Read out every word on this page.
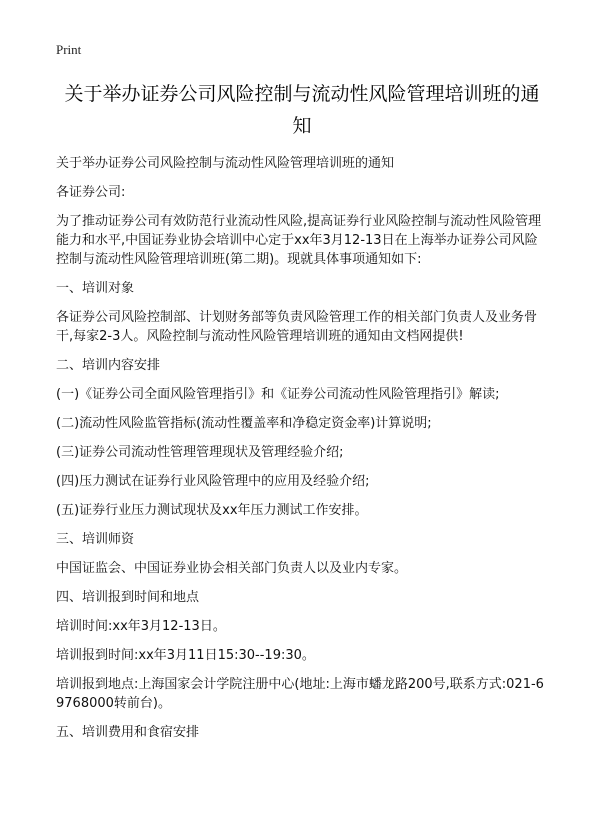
Print
关于举办证券公司风险控制与流动性风险管理培训班的通知

关于举办证券公司风险控制与流动性风险管理培训班的通知

各证券公司:

为了推动证券公司有效防范行业流动性风险,提高证券行业风险控制与流动性风险管理能力和水平,中国证券业协会培训中心定于xx年3月12-13日在上海举办证券公司风险控制与流动性风险管理培训班(第二期)。现就具体事项通知如下:

一、培训对象

各证券公司风险控制部、计划财务部等负责风险管理工作的相关部门负责人及业务骨干,每家2-3人。风险控制与流动性风险管理培训班的通知由文档网提供!

二、培训内容安排

(一)《证券公司全面风险管理指引》和《证券公司流动性风险管理指引》解读;

(二)流动性风险监管指标(流动性覆盖率和净稳定资金率)计算说明;

(三)证券公司流动性管理管理现状及管理经验介绍;

(四)压力测试在证券行业风险管理中的应用及经验介绍;

(五)证券行业压力测试现状及xx年压力测试工作安排。

三、培训师资

中国证监会、中国证券业协会相关部门负责人以及业内专家。

四、培训报到时间和地点

培训时间:xx年3月12-13日。

培训报到时间:xx年3月11日15:30--19:30。

培训报到地点:上海国家会计学院注册中心(地址:上海市蟠龙路200号,联系方式:021-69768000转前台)。

五、培训费用和食宿安排
